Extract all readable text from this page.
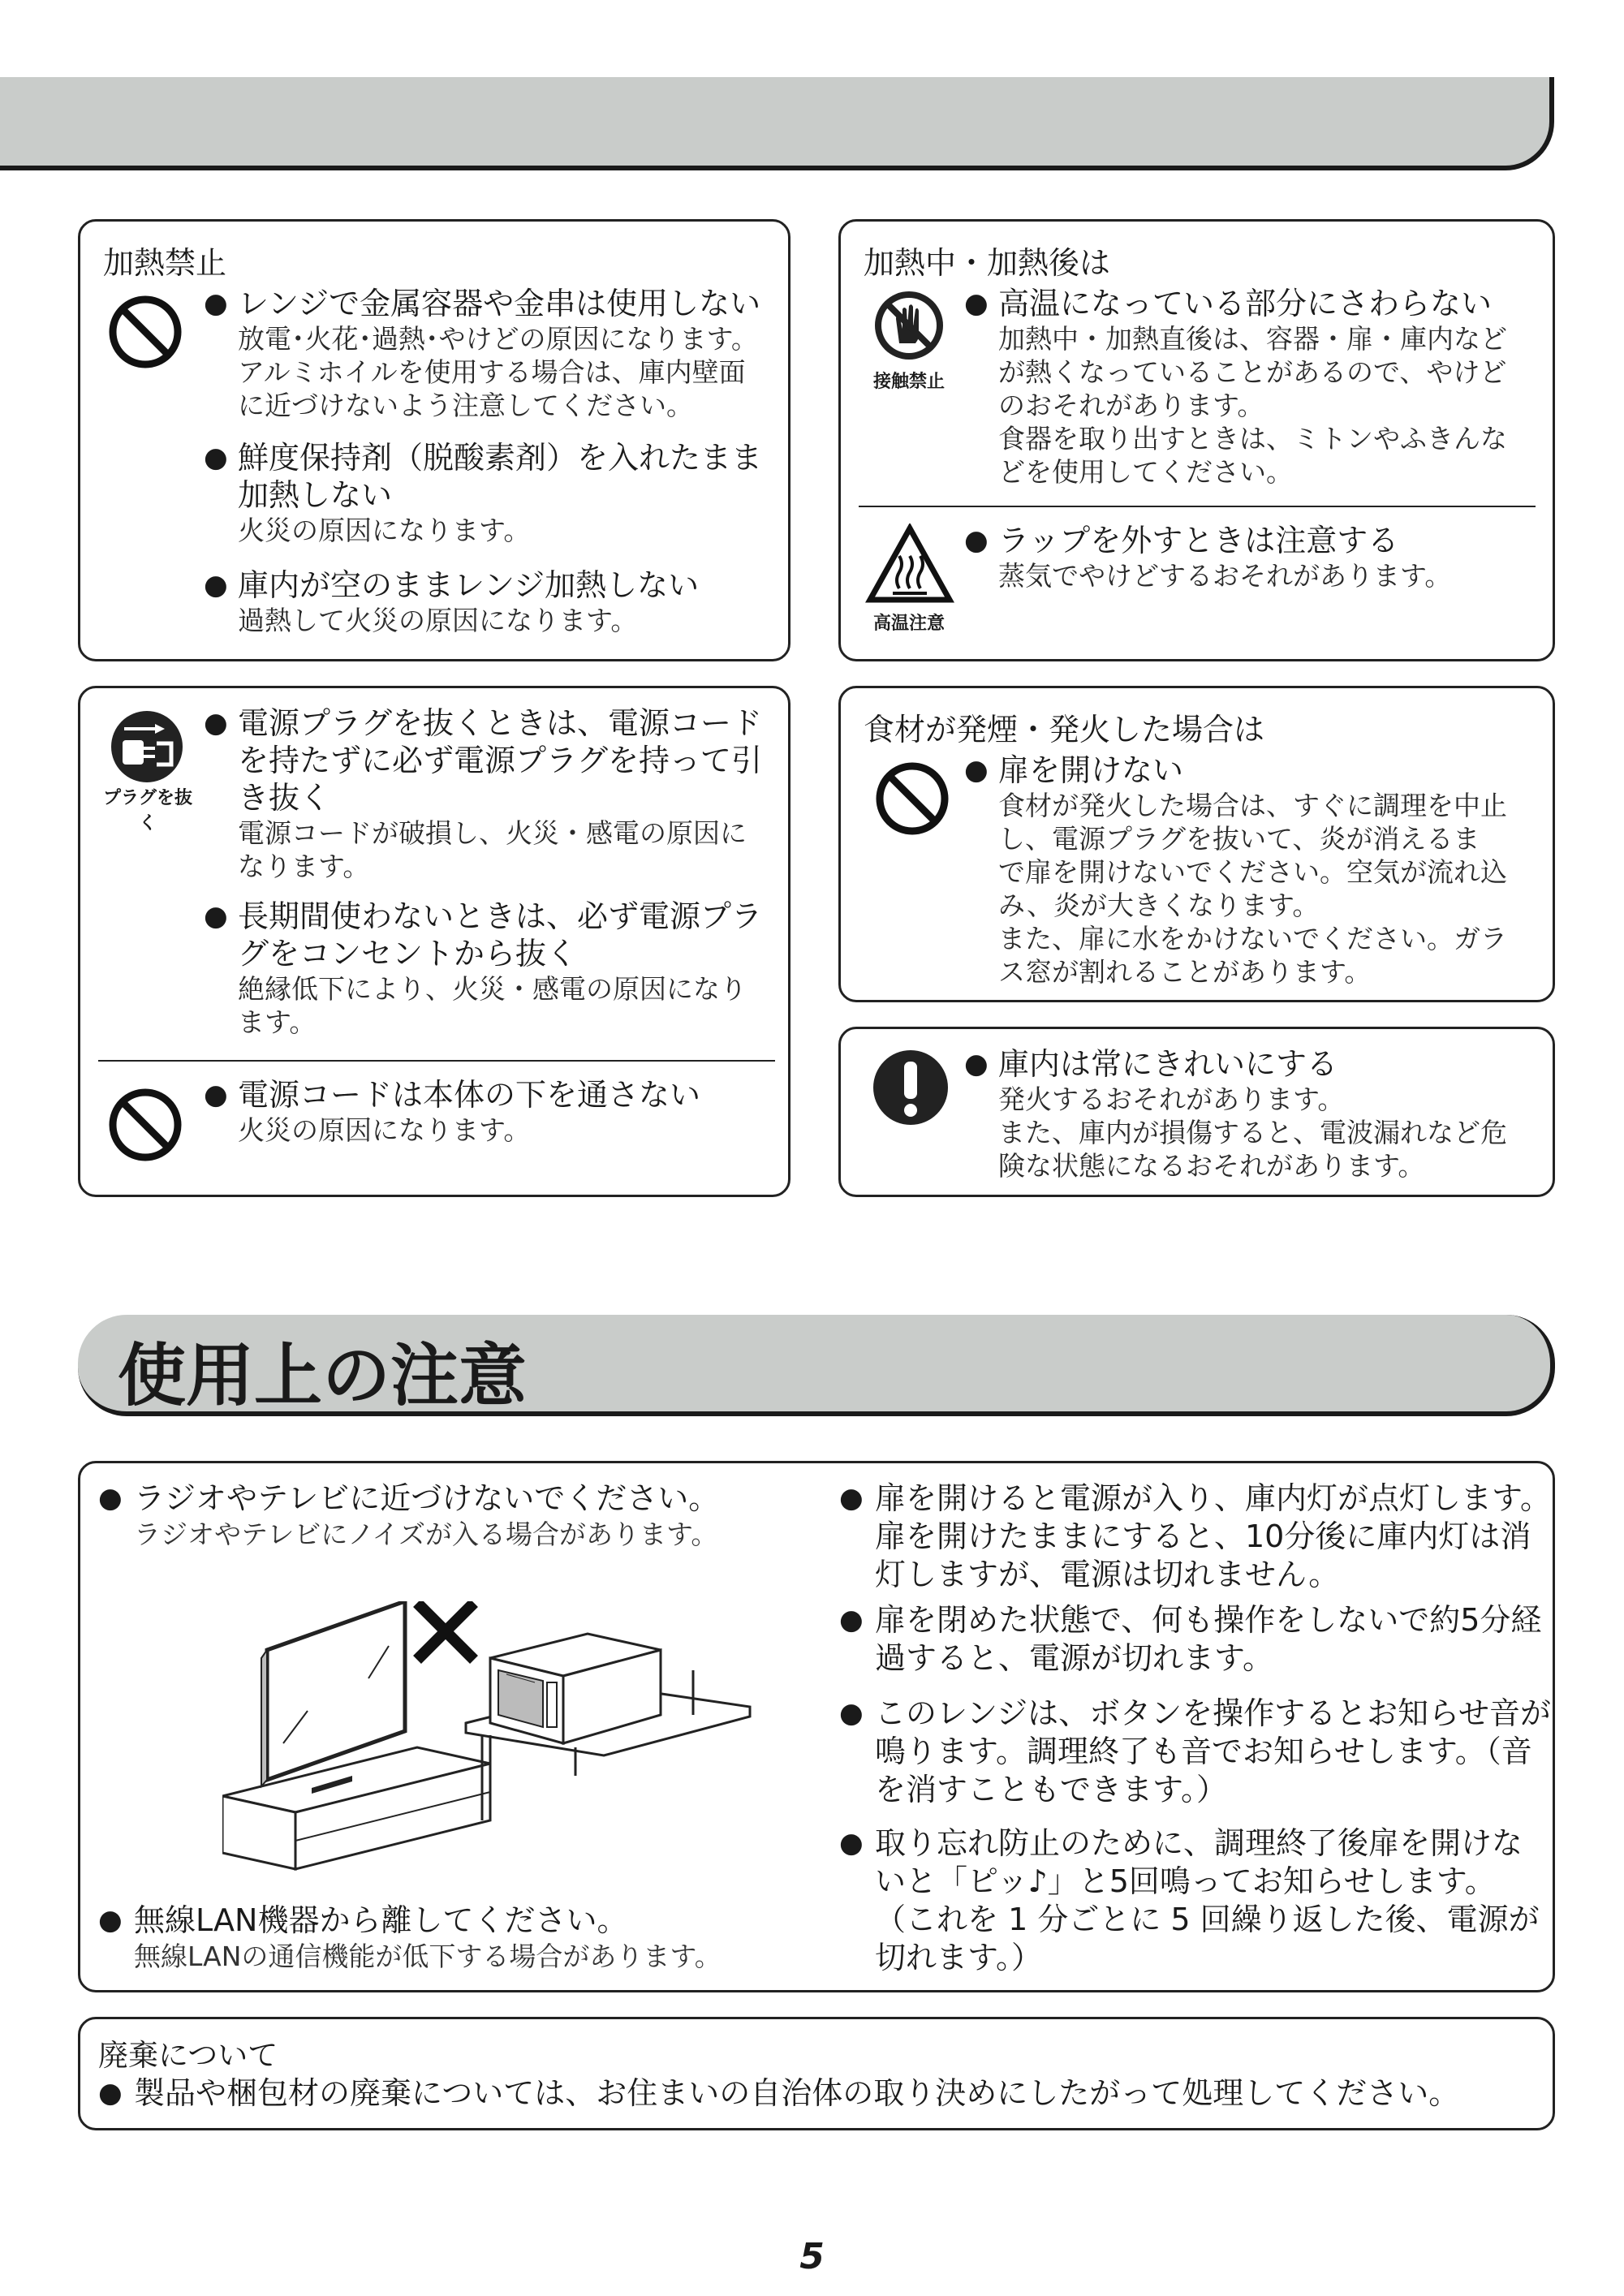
加熱禁止
● レンジで金属容器や金串は使用しない
放電･火花･過熱･やけどの原因になります。
アルミホイルを使用する場合は、庫内壁面
に近づけないよう注意してください。
● 鮮度保持剤（脱酸素剤）を入れたまま
加熱しない
火災の原因になります。
● 庫内が空のままレンジ加熱しない
過熱して火災の原因になります。
加熱中・加熱後は
接触禁止
● 高温になっている部分にさわらない
加熱中・加熱直後は、容器・扉・庫内など
が熱くなっていることがあるので、やけど
のおそれがあります。
食器を取り出すときは、ミトンやふきんな
どを使用してください。
高温注意
● ラップを外すときは注意する
蒸気でやけどするおそれがあります。
プラグを抜く
● 電源プラグを抜くときは、電源コード
を持たずに必ず電源プラグを持って引
き抜く
電源コードが破損し、火災・感電の原因に
なります。
● 長期間使わないときは、必ず電源プラ
グをコンセントから抜く
絶縁低下により、火災・感電の原因になり
ます。
● 電源コードは本体の下を通さない
火災の原因になります。
食材が発煙・発火した場合は
● 扉を開けない
食材が発火した場合は、すぐに調理を中止
し、電源プラグを抜いて、炎が消えるま
で扉を開けないでください。空気が流れ込
み、炎が大きくなります。
また、扉に水をかけないでください。ガラ
ス窓が割れることがあります。
● 庫内は常にきれいにする
発火するおそれがあります。
また、庫内が損傷すると、電波漏れなど危
険な状態になるおそれがあります。
使用上の注意
● ラジオやテレビに近づけないでください。
ラジオやテレビにノイズが入る場合があります。
● 無線LAN機器から離してください。
無線LANの通信機能が低下する場合があります。
● 扉を開けると電源が入り、庫内灯が点灯します。
扉を開けたままにすると、10分後に庫内灯は消
灯しますが、電源は切れません。
● 扉を閉めた状態で、何も操作をしないで約5分経
過すると、電源が切れます。
● このレンジは、ボタンを操作するとお知らせ音が
鳴ります。調理終了も音でお知らせします。（音
を消すこともできます。）
● 取り忘れ防止のために、調理終了後扉を開けな
いと「ピッ♪」と5回鳴ってお知らせします。
（これを 1 分ごとに 5 回繰り返した後、電源が
切れます。）
廃棄について
● 製品や梱包材の廃棄については、お住まいの自治体の取り決めにしたがって処理してください。
5
